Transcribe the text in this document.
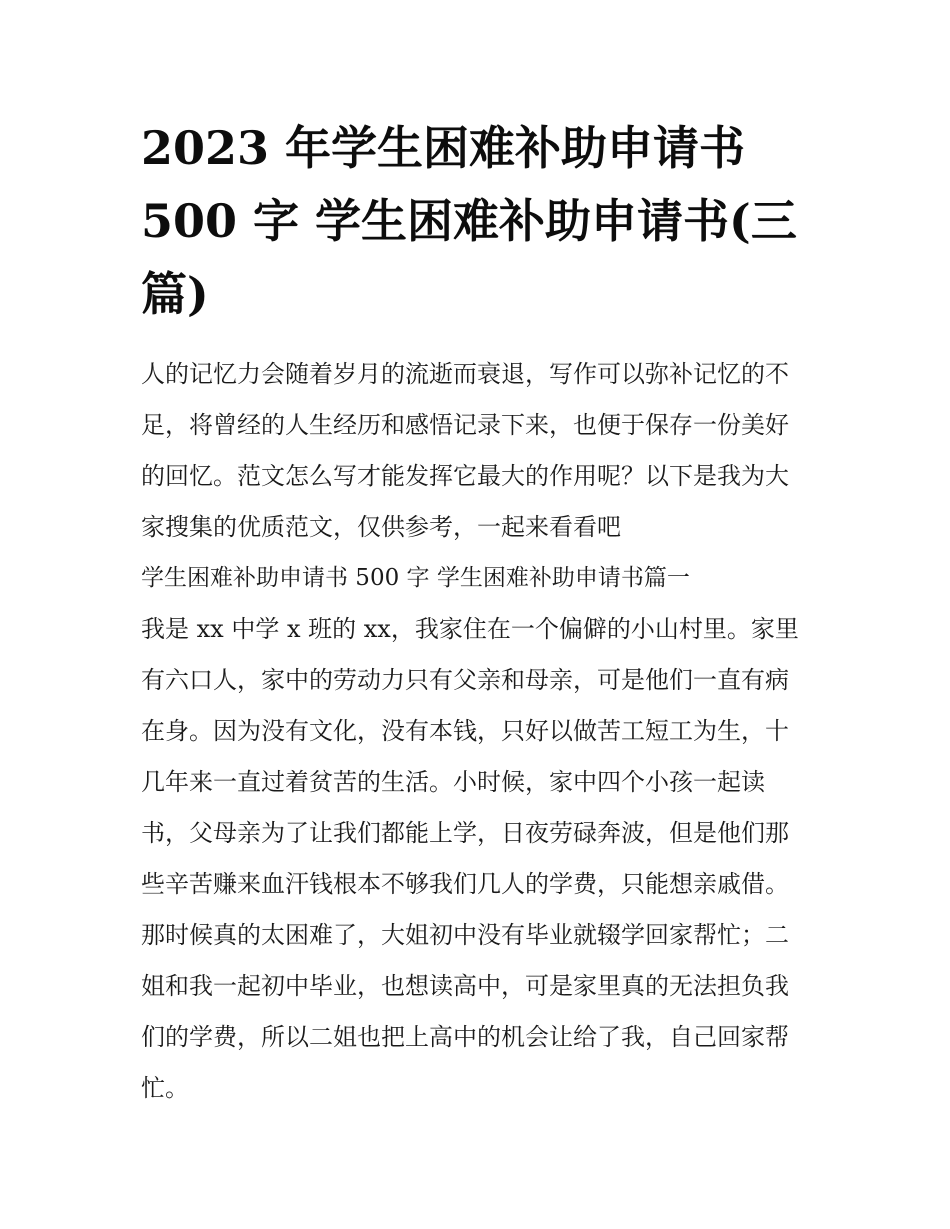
2023 年学生困难补助申请书
500 字 学生困难补助申请书(三
篇)
人的记忆力会随着岁月的流逝而衰退，写作可以弥补记忆的不
足，将曾经的人生经历和感悟记录下来，也便于保存一份美好
的回忆。范文怎么写才能发挥它最大的作用呢？以下是我为大
家搜集的优质范文，仅供参考，一起来看看吧
学生困难补助申请书 500 字 学生困难补助申请书篇一
我是 xx 中学 x 班的 xx，我家住在一个偏僻的小山村里。家里
有六口人，家中的劳动力只有父亲和母亲，可是他们一直有病
在身。因为没有文化，没有本钱，只好以做苦工短工为生，十
几年来一直过着贫苦的生活。小时候，家中四个小孩一起读
书，父母亲为了让我们都能上学，日夜劳碌奔波，但是他们那
些辛苦赚来血汗钱根本不够我们几人的学费，只能想亲戚借。
那时候真的太困难了，大姐初中没有毕业就辍学回家帮忙；二
姐和我一起初中毕业，也想读高中，可是家里真的无法担负我
们的学费，所以二姐也把上高中的机会让给了我，自己回家帮
忙。
